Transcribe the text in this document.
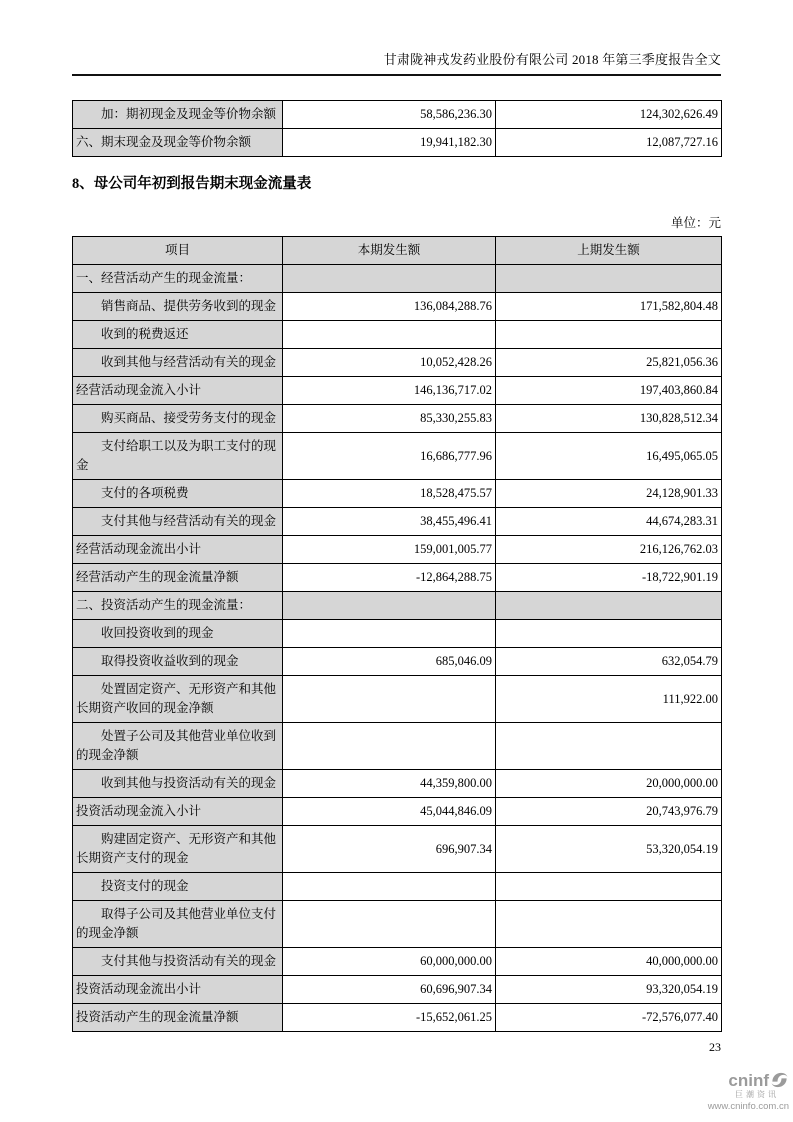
甘肃陇神戎发药业股份有限公司 2018 年第三季度报告全文
加：期初现金及现金等价物余额	58,586,236.30	124,302,626.49
六、期末现金及现金等价物余额	19,941,182.30	12,087,727.16
8、母公司年初到报告期末现金流量表
单位：元
项目	本期发生额	上期发生额
一、经营活动产生的现金流量：		
销售商品、提供劳务收到的现金	136,084,288.76	171,582,804.48
收到的税费返还		
收到其他与经营活动有关的现金	10,052,428.26	25,821,056.36
经营活动现金流入小计	146,136,717.02	197,403,860.84
购买商品、接受劳务支付的现金	85,330,255.83	130,828,512.34
支付给职工以及为职工支付的现金	16,686,777.96	16,495,065.05
支付的各项税费	18,528,475.57	24,128,901.33
支付其他与经营活动有关的现金	38,455,496.41	44,674,283.31
经营活动现金流出小计	159,001,005.77	216,126,762.03
经营活动产生的现金流量净额	-12,864,288.75	-18,722,901.19
二、投资活动产生的现金流量：		
收回投资收到的现金		
取得投资收益收到的现金	685,046.09	632,054.79
处置固定资产、无形资产和其他长期资产收回的现金净额		111,922.00
处置子公司及其他营业单位收到的现金净额		
收到其他与投资活动有关的现金	44,359,800.00	20,000,000.00
投资活动现金流入小计	45,044,846.09	20,743,976.79
购建固定资产、无形资产和其他长期资产支付的现金	696,907.34	53,320,054.19
投资支付的现金		
取得子公司及其他营业单位支付的现金净额		
支付其他与投资活动有关的现金	60,000,000.00	40,000,000.00
投资活动现金流出小计	60,696,907.34	93,320,054.19
投资活动产生的现金流量净额	-15,652,061.25	-72,576,077.40
23
cninf
巨潮资讯
www.cninfo.com.cn
